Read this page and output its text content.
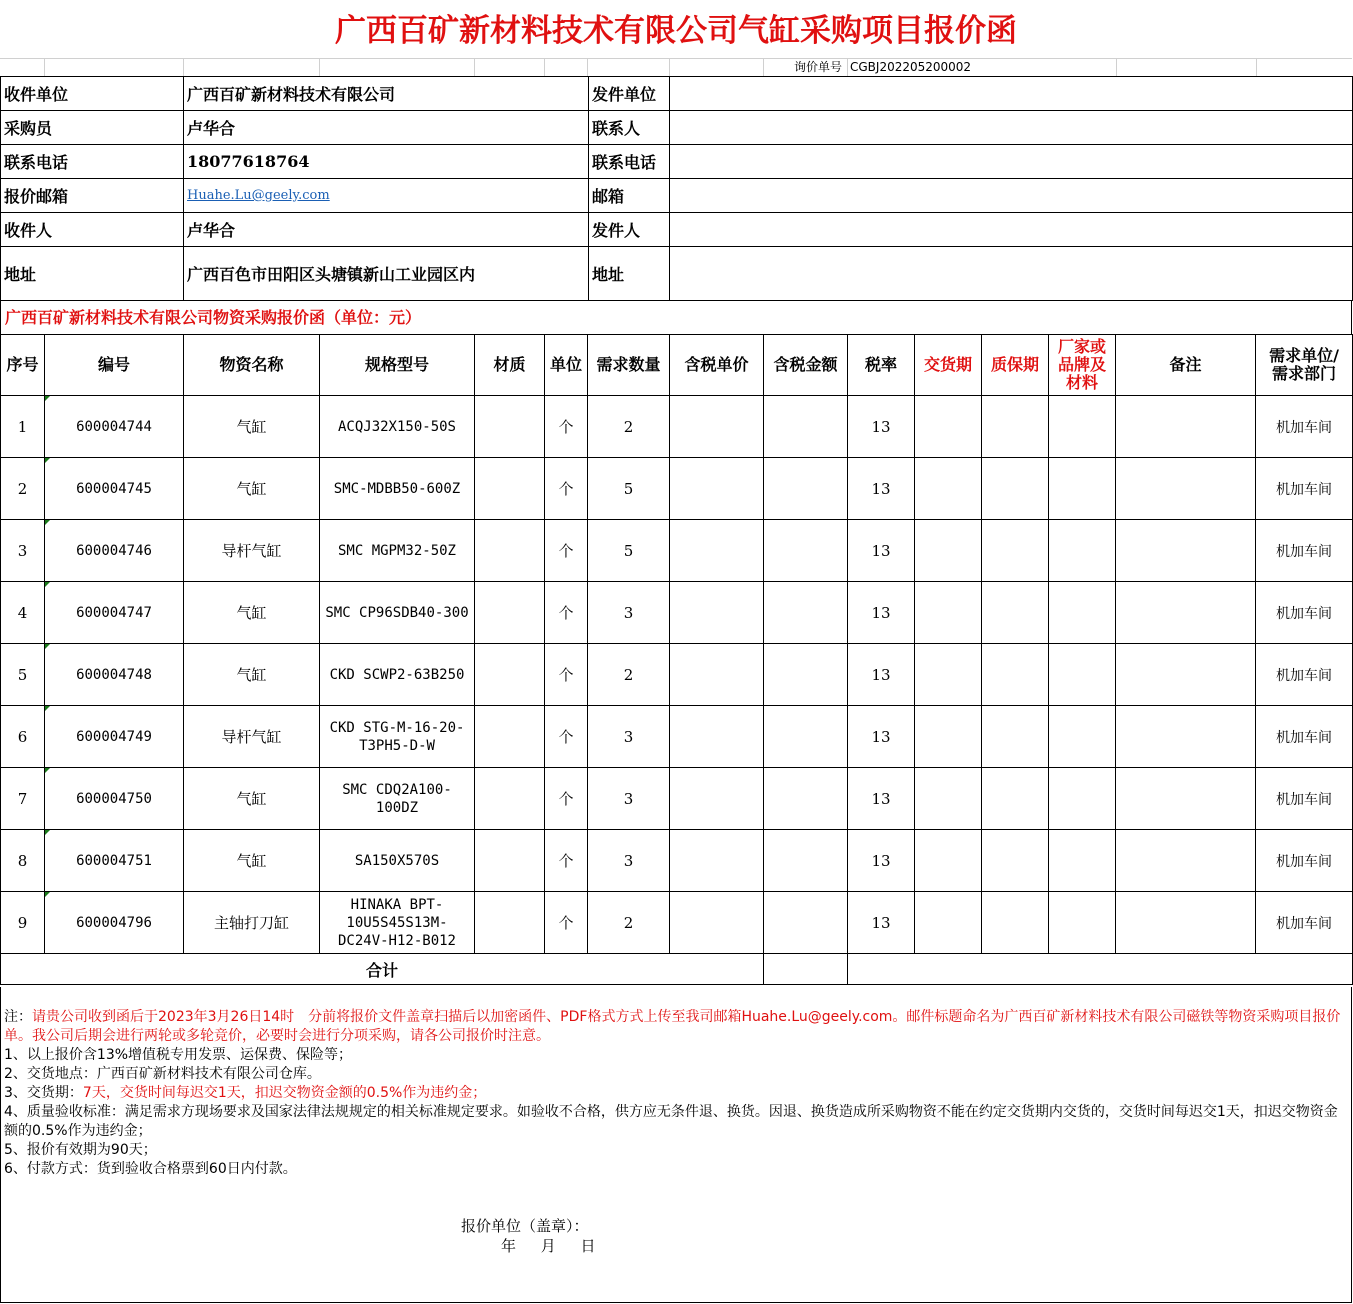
广西百矿新材料技术有限公司气缸采购项目报价函
询价单号 CGBJ202205200002
收件单位	广西百矿新材料技术有限公司	发件单位	
采购员	卢华合	联系人	
联系电话	18077618764	联系电话	
报价邮箱	Huahe.Lu@geely.com	邮箱	
收件人	卢华合	发件人	
地址	广西百色市田阳区头塘镇新山工业园区内	地址	
广西百矿新材料技术有限公司物资采购报价函（单位：元）
序号	编号	物资名称	规格型号	材质	单位	需求数量	含税单价	含税金额	税率	交货期	质保期	厂家或品牌及材料	备注	需求单位/需求部门
1	600004744	气缸	ACQJ32X150-50S		个	2			13					机加车间
2	600004745	气缸	SMC-MDBB50-600Z		个	5			13					机加车间
3	600004746	导杆气缸	SMC MGPM32-50Z		个	5			13					机加车间
4	600004747	气缸	SMC CP96SDB40-300		个	3			13					机加车间
5	600004748	气缸	CKD SCWP2-63B250		个	2			13					机加车间
6	600004749	导杆气缸	CKD STG-M-16-20-T3PH5-D-W		个	3			13					机加车间
7	600004750	气缸	SMC CDQ2A100-100DZ		个	3			13					机加车间
8	600004751	气缸	SA150X570S		个	3			13					机加车间
9	600004796	主轴打刀缸	HINAKA BPT-10U5S45S13M-DC24V-H12-B012		个	2			13					机加车间
合计														

注：请贵公司收到函后于2023年3月26日14时　分前将报价文件盖章扫描后以加密函件、PDF格式方式上传至我司邮箱Huahe.Lu@geely.com。邮件标题命名为广西百矿新材料技术有限公司磁铁等物资采购项目报价单。我公司后期会进行两轮或多轮竞价，必要时会进行分项采购，请各公司报价时注意。

1、以上报价含13%增值税专用发票、运保费、保险等；

2、交货地点：广西百矿新材料技术有限公司仓库。

3、交货期：7天，交货时间每迟交1天，扣迟交物资金额的0.5%作为违约金；

4、质量验收标准：满足需求方现场要求及国家法律法规规定的相关标准规定要求。如验收不合格，供方应无条件退、换货。因退、换货造成所采购物资不能在约定交货期内交货的，交货时间每迟交1天，扣迟交物资金额的0.5%作为违约金；

5、报价有效期为90天；

6、付款方式：货到验收合格票到60日内付款。

报价单位（盖章）：
年 月 日
